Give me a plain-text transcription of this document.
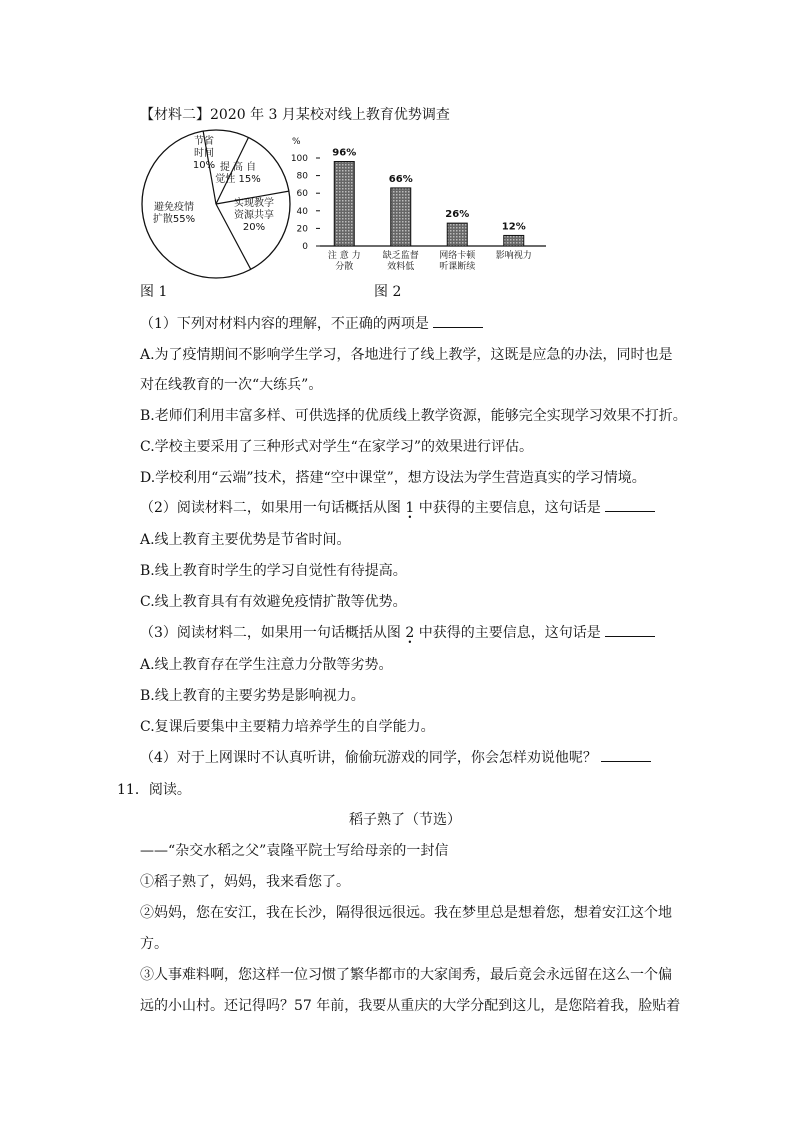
【材料二】2020 年 3 月某校对线上教育优势调查
节省时间 10% 提 高 自觉性 15%
实现教学资源共享 20%
避免疫情扩散55%
图 1
%
100
80
60
40
20
0
96%
注 意 力分散
66%
缺乏监督效料低
26%
网络卡顿听课断续
12%
影响视力
图 2
（1）下列对材料内容的理解，不正确的两项是
A.为了疫情期间不影响学生学习，各地进行了线上教学，这既是应急的办法，同时也是
对在线教育的一次“大练兵”。
B.老师们利用丰富多样、可供选择的优质线上教学资源，能够完全实现学习效果不打折。
C.学校主要采用了三种形式对学生“在家学习”的效果进行评估。
D.学校利用“云端”技术，搭建“空中课堂”，想方设法为学生营造真实的学习情境。
（2）阅读材料二，如果用一句话概括从图 1 • 中获得的主要信息，这句话是
A.线上教育主要优势是节省时间。
B.线上教育时学生的学习自觉性有待提高。
C.线上教育具有有效避免疫情扩散等优势。
（3）阅读材料二，如果用一句话概括从图 2 • 中获得的主要信息，这句话是
A.线上教育存在学生注意力分散等劣势。
B.线上教育的主要劣势是影响视力。
C.复课后要集中主要精力培养学生的自学能力。
（4）对于上网课时不认真听讲，偷偷玩游戏的同学，你会怎样劝说他呢？
11．阅读。
稻子熟了（节选）
——“杂交水稻之父”袁隆平院士写给母亲的一封信
①稻子熟了，妈妈，我来看您了。
②妈妈，您在安江，我在长沙，隔得很远很远。我在梦里总是想着您，想着安江这个地
方。
③人事难料啊，您这样一位习惯了繁华都市的大家闺秀，最后竟会永远留在这么一个偏
远的小山村。还记得吗？57 年前，我要从重庆的大学分配到这儿，是您陪着我，脸贴着
